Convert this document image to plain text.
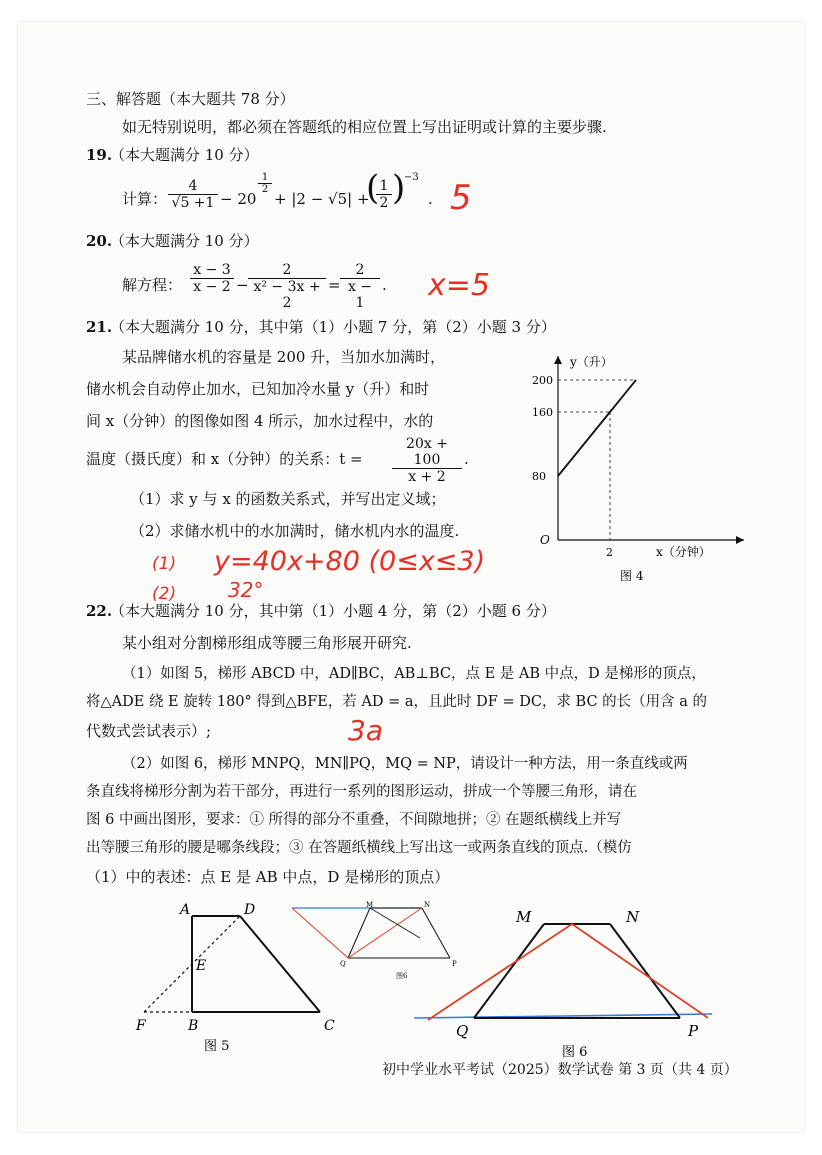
三、解答题（本大题共 78 分）
如无特别说明，都必须在答题纸的相应位置上写出证明或计算的主要步骤.
19.
（本大题满分 10 分）
计算： $\frac{4}{√5 +1} - 20$
$\frac{1}{2}$
+ |2 − √5| +
(
$\frac{1}{2}$ )
−3
. 5
20.
（本大题满分 10 分）
解方程： $\frac{x - 3}{x - 2} - \frac{2}{\text{x² − 3x + 2}} = \frac{2}{x - 1}$ . x=5
21.
（本大题满分 10 分，其中第（1）小题 7 分，第（2）小题 3 分）
某品牌储水机的容量是 200 升，当加水加满时，
储水机会自动停止加水，已知加冷水量 y（升）和时
间 x（分钟）的图像如图 4 所示，加水过程中，水的
温度（摄氏度）和 x（分钟）的关系：$t = \frac{20x + 100}{x + 2}$ .
（1）求 y 与 x 的函数关系式，并写出定义域；
（2）求储水机中的水加满时，储水机内水的温度.
(1) y=40x+80 (0≤x≤3)
(2)	32°
80
160
200
2
O
y（升）
x（分钟）
图 4
22.
（本大题满分 10 分，其中第（1）小题 4 分，第（2）小题 6 分）
某小组对分割梯形组成等腰三角形展开研究.
（1）如图 5，梯形 ABCD 中，AD∥BC，AB⊥BC，点 E 是 AB 中点，D 是梯形的顶点，
将△ADE 绕 E 旋转 180° 得到△BFE，若 AD = a，且此时 DF = DC，求 BC 的长（用含 a 的
代数式尝试表示）;	3a
（2）如图 6，梯形 MNPQ，MN∥PQ，MQ = NP，请设计一种方法，用一条直线或两
条直线将梯形分割为若干部分，再进行一系列的图形运动，拼成一个等腰三角形，请在
图 6 中画出图形，要求：① 所得的部分不重叠，不间隙地拼；② 在题纸横线上并写
出等腰三角形的腰是哪条线段；③ 在答题纸横线上写出这一或两条直线的顶点.（模仿
（1）中的表述：点 E 是 AB 中点，D 是梯形的顶点）
A	D
E
F	B	C
图 5
M	N
Q	P
图6
M	N
Q	P
图 6
初中学业水平考试（2025）数学试卷 第 3 页（共 4 页）
